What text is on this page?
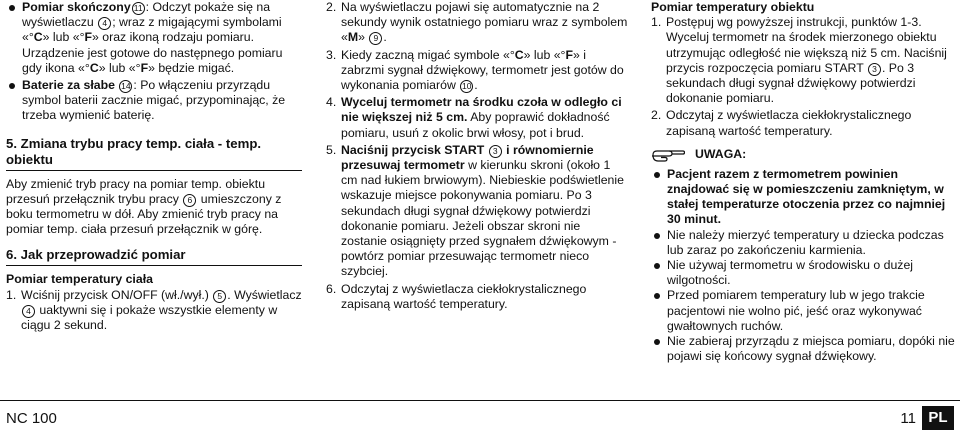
Pomiar skończony 11 : Odczyt pokaże się na wyświetlaczu 4 ; wraz z migającymi symbolami «°C» lub «°F» oraz ikoną rodzaju pomiaru. Urządzenie jest gotowe do następnego pomiaru gdy ikona «°C» lub «°F» będzie migać.

Baterie za słabe 14 : Po włączeniu przyrządu symbol baterii zacznie migać, przypominając, że trzeba wymienić baterię.

5. Zmiana trybu pracy temp. ciała - temp. obiektu

Aby zmienić tryb pracy na pomiar temp. obiektu przesuń przełącznik trybu pracy 6 umieszczony z boku termometru w dół. Aby zmienić tryb pracy na pomiar temp. ciała przesuń przełącznik w górę.

6. Jak przeprowadzić pomiar
Pomiar temperatury ciała

1. Wciśnij przycisk ON/OFF (wł./wył.) 5 . Wyświetlacz 4 uaktywni się i pokaże wszystkie elementy w ciągu 2 sekund.

2. Na wyświetlaczu pojawi się automatycznie na 2 sekundy wynik ostatniego pomiaru wraz z symbolem «M» 9 .

3. Kiedy zaczną migać symbole «°C» lub «°F» i zabrzmi sygnał dźwiękowy, termometr jest gotów do wykonania pomiarów 10 .

4. Wyceluj termometr na środku czoła w odległo ci nie większej niż 5 cm. Aby poprawić dokładność pomiaru, usuń z okolic brwi włosy, pot i brud.

5. Naciśnij przycisk START 3 i równomiernie przesuwaj termometr w kierunku skroni (około 1 cm nad łukiem brwiowym). Niebieskie podświetlenie wskazuje miejsce pokonywania pomiaru. Po 3 sekundach długi sygnał dźwiękowy potwierdzi dokonanie pomiaru. Jeżeli obszar skroni nie zostanie osiągnięty przed sygnałem dźwiękowym - powtórz pomiar przesuwając termometr nieco szybciej.

6. Odczytaj z wyświetlacza ciekłokrystalicznego zapisaną wartość temperatury.

Pomiar temperatury obiektu

1. Postępuj wg powyższej instrukcji, punktów 1-3. Wyceluj termometr na środek mierzonego obiektu utrzymując odległość nie większą niż 5 cm. Naciśnij przycis rozpoczęcia pomiaru START 3 . Po 3 sekundach długi sygnał dźwiękowy potwierdzi dokonanie pomiaru.

2. Odczytaj z wyświetlacza ciekłokrystalicznego zapisaną wartość temperatury.

UWAGA:

Pacjent razem z termometrem powinien znajdować się w pomieszczeniu zamkniętym, w stałej temperaturze otoczenia przez co najmniej 30 minut.

Nie należy mierzyć temperatury u dziecka podczas lub zaraz po zakończeniu karmienia.

Nie używaj termometru w środowisku o dużej wilgotności.

Przed pomiarem temperatury lub w jego trakcie pacjentowi nie wolno pić, jeść oraz wykonywać gwałtownych ruchów.

Nie zabieraj przyrządu z miejsca pomiaru, dopóki nie pojawi się końcowy sygnał dźwiękowy.

NC 100	11 PL
